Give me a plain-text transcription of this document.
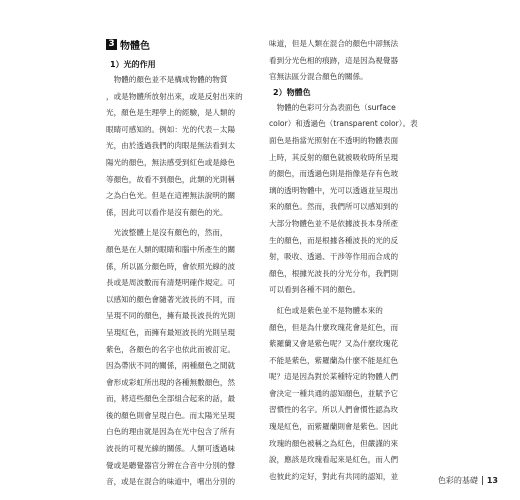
3 物體色
1）光的作用
　物體的顏色並不是構成物體的物質
，或是物體所放射出來，或是反射出來的
光，顏色是生理學上的經驗，是人類的
眼睛可感知的。例如：光的代表－太陽
光，由於透過我們的肉眼是無法看到太
陽光的顏色，無法感受到紅色或是綠色
等顏色，故看不到顏色，此類的光則稱
之為白色光。但是在這裡無法說明的關
係，因此可以看作是沒有顏色的光。
　光波整體上是沒有顏色的，然而，
顏色是在人類的眼睛和腦中所產生的關
係，所以區分顏色時，會依照光線的波
長或是周波數而有清楚明確作規定。可
以感知的顏色會隨著光波長的不同，而
呈現不同的顏色，擁有最長波長的光則
呈現紅色，而擁有最短波長的光則呈現
紫色，各顏色的名字也依此而被訂定。
因為帶狀不同的關係，兩種顏色之間就
會形成彩虹所出現的各種無數顏色，然
而，將這些顏色全部組合起來的話，最
後的顏色則會呈現白色。而太陽光呈現
白色的理由就是因為在光中包含了所有
波長的可視光線的關係。人類可透過味
覺或是聽覺器官分辨在合音中分別的聲
音，或是在混合的味道中，嚐出分別的
味道，但是人類在混合的顏色中卻無法
看到分光色相的痕跡，這是因為視覺器
官無法區分混合顏色的關係。
2）物體色
　物體的色彩可分為表面色（surface
color）和透過色（transparent color）。表
面色是指當光照射在不透明的物體表面
上時，其反射的顏色就被吸收時所呈現
的顏色，而透過色則是指像是存有色玻
璃的透明物體中，光可以透過並呈現出
來的顏色。然而，我們所可以感知到的
大部分物體色並不是依據波長本身所產
生的顏色，而是根據各種波長的光的反
射，吸收、透過、干涉等作用而合成的
顏色，根據光波長的分光分布，我們則
可以看到各種不同的顏色。
　紅色或是紫色並不是物體本來的
顏色，但是為什麼玫瑰花會是紅色，而
紫羅蘭又會是紫色呢？又為什麼玫瑰花
不能是紫色，紫羅蘭為什麼不能是紅色
呢？這是因為對於某種特定的物體人們
會決定一種共通的認知顏色，並賦予它
習慣性的名字。所以人們會慣性認為玫
瑰是紅色，而紫羅蘭則會是紫色。因此
玫瑰的顏色被稱之為紅色，但嚴謹的來
說，應該是玫瑰看起來是紅色，而人們
也彼此約定好，對此有共同的認知，並	色彩的基礎 13
